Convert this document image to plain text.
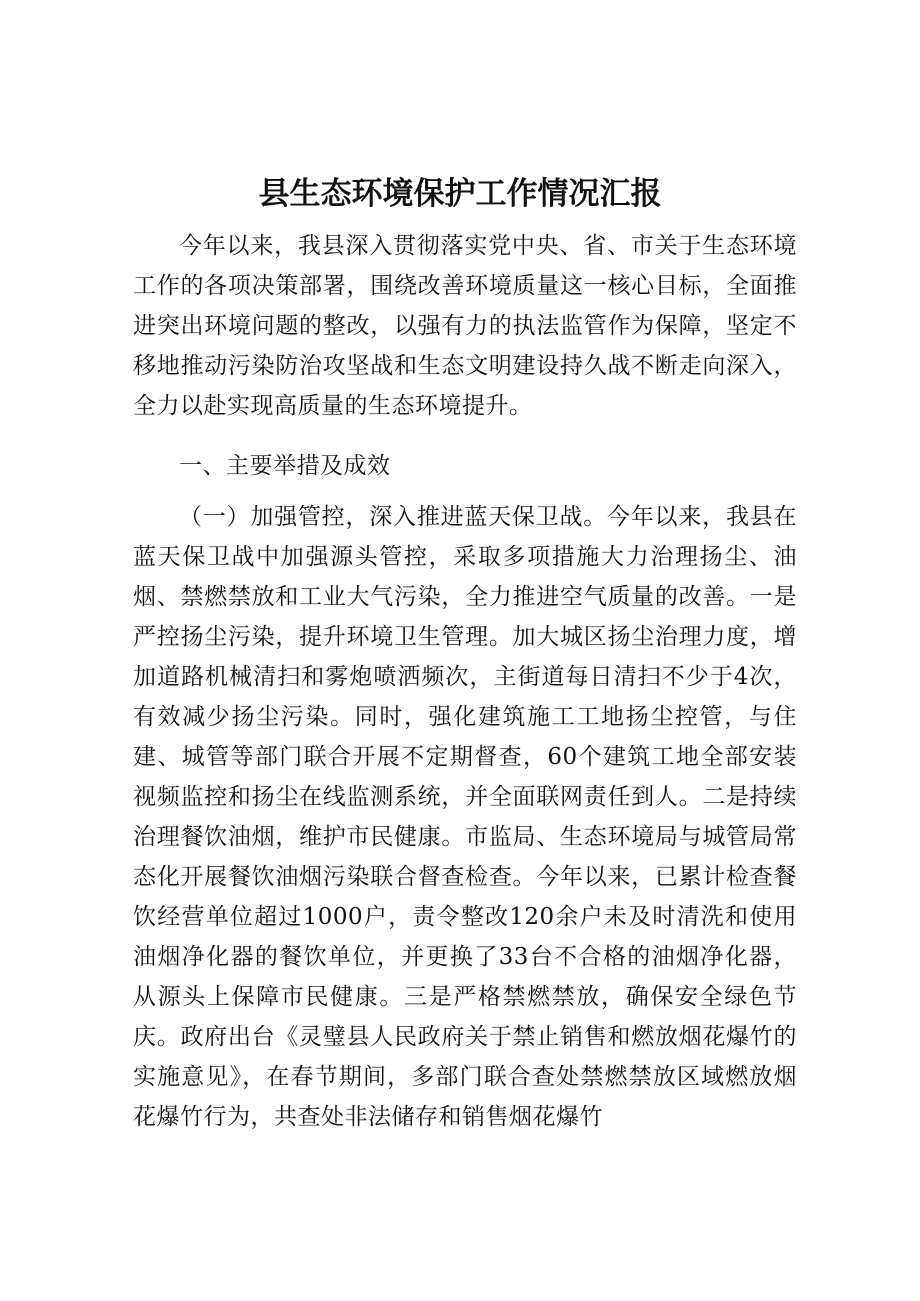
县生态环境保护工作情况汇报

今年以来，我县深入贯彻落实党中央、省、市关于生态环境工作的各项决策部署，围绕改善环境质量这一核心目标，全面推进突出环境问题的整改，以强有力的执法监管作为保障，坚定不移地推动污染防治攻坚战和生态文明建设持久战不断走向深入，全力以赴实现高质量的生态环境提升。

一、主要举措及成效

（一）加强管控，深入推进蓝天保卫战。今年以来，我县在蓝天保卫战中加强源头管控，采取多项措施大力治理扬尘、油烟、禁燃禁放和工业大气污染，全力推进空气质量的改善。一是严控扬尘污染，提升环境卫生管理。加大城区扬尘治理力度，增加道路机械清扫和雾炮喷洒频次，主街道每日清扫不少于4次，有效减少扬尘污染。同时，强化建筑施工工地扬尘控管，与住建、城管等部门联合开展不定期督查，60个建筑工地全部安装视频监控和扬尘在线监测系统，并全面联网责任到人。二是持续治理餐饮油烟，维护市民健康。市监局、生态环境局与城管局常态化开展餐饮油烟污染联合督查检查。今年以来，已累计检查餐饮经营单位超过1000户，责令整改120余户未及时清洗和使用油烟净化器的餐饮单位，并更换了33台不合格的油烟净化器，从源头上保障市民健康。三是严格禁燃禁放，确保安全绿色节庆。政府出台《灵璧县人民政府关于禁止销售和燃放烟花爆竹的实施意见》，在春节期间，多部门联合查处禁燃禁放区域燃放烟花爆竹行为，共查处非法储存和销售烟花爆竹
